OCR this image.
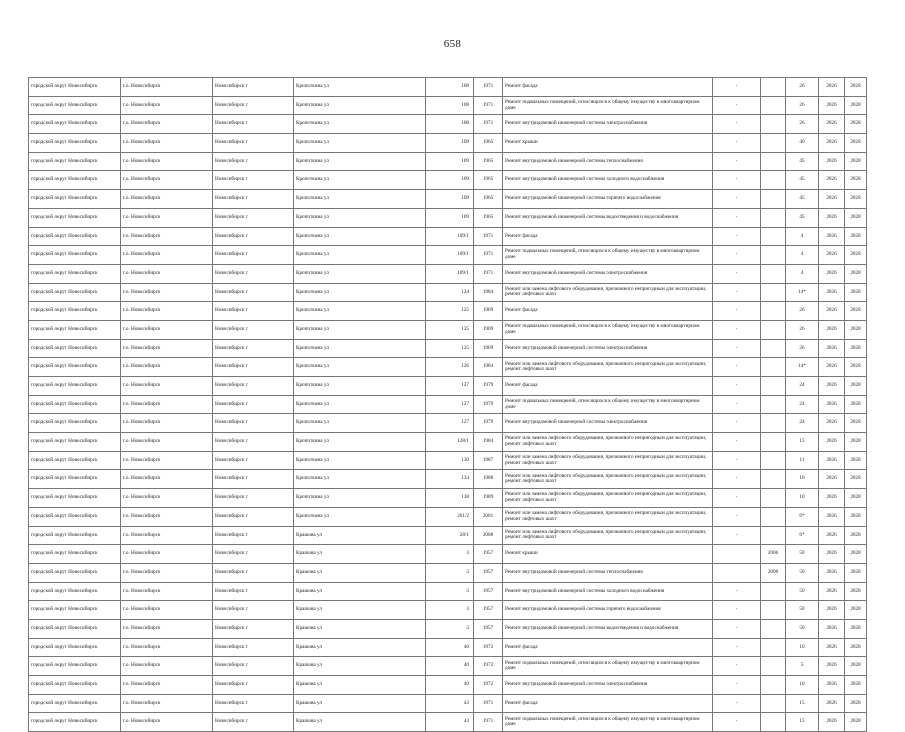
658
городской округ Новосибирск	г.о. Новосибирск	Новосибирск г	Кропоткина ул	108	1971	Ремонт фасада	-		26	2026	2028
городской округ Новосибирск	г.о. Новосибирск	Новосибирск г	Кропоткина ул	108	1971	Ремонт подвальных помещений, относящихся к общему имуществу в многоквартирном доме	-		26	2026	2028
городской округ Новосибирск	г.о. Новосибирск	Новосибирск г	Кропоткина ул	108	1971	Ремонт внутридомовой инженерной системы электроснабжения	-		26	2026	2028
городской округ Новосибирск	г.о. Новосибирск	Новосибирск г	Кропоткина ул	109	1965	Ремонт крыши	-		40	2026	2028
городской округ Новосибирск	г.о. Новосибирск	Новосибирск г	Кропоткина ул	109	1965	Ремонт внутридомовой инженерной системы теплоснабжения	-		45	2026	2028
городской округ Новосибирск	г.о. Новосибирск	Новосибирск г	Кропоткина ул	109	1965	Ремонт внутридомовой инженерной системы холодного водоснабжения	-		45	2026	2028
городской округ Новосибирск	г.о. Новосибирск	Новосибирск г	Кропоткина ул	109	1965	Ремонт внутридомовой инженерной системы горячего водоснабжения	-		45	2026	2028
городской округ Новосибирск	г.о. Новосибирск	Новосибирск г	Кропоткина ул	109	1965	Ремонт внутридомовой инженерной системы водоотведения и водоснабжения	-		45	2026	2028
городской округ Новосибирск	г.о. Новосибирск	Новосибирск г	Кропоткина ул	109/1	1971	Ремонт фасада	-		4	2026	2028
городской округ Новосибирск	г.о. Новосибирск	Новосибирск г	Кропоткина ул	109/1	1971	Ремонт подвальных помещений, относящихся к общему имуществу в многоквартирном доме	-		4	2026	2028
городской округ Новосибирск	г.о. Новосибирск	Новосибирск г	Кропоткина ул	109/1	1971	Ремонт внутридомовой инженерной системы электроснабжения	-		4	2026	2028
городской округ Новосибирск	г.о. Новосибирск	Новосибирск г	Кропоткина ул	124	1984	Ремонт или замена лифтового оборудования, признанного непригодным для эксплуатации, ремонт лифтовых шахт	-		14*	2026	2028
городской округ Новосибирск	г.о. Новосибирск	Новосибирск г	Кропоткина ул	125	1969	Ремонт фасада	-		26	2026	2028
городской округ Новосибирск	г.о. Новосибирск	Новосибирск г	Кропоткина ул	125	1969	Ремонт подвальных помещений, относящихся к общему имуществу в многоквартирном доме	-		26	2026	2028
городской округ Новосибирск	г.о. Новосибирск	Новосибирск г	Кропоткина ул	125	1969	Ремонт внутридомовой инженерной системы электроснабжения	-		26	2026	2028
городской округ Новосибирск	г.о. Новосибирск	Новосибирск г	Кропоткина ул	126	1984	Ремонт или замена лифтового оборудования, признанного непригодным для эксплуатации, ремонт лифтовых шахт	-		14*	2026	2028
городской округ Новосибирск	г.о. Новосибирск	Новосибирск г	Кропоткина ул	127	1979	Ремонт фасада	-		24	2026	2028
городской округ Новосибирск	г.о. Новосибирск	Новосибирск г	Кропоткина ул	127	1979	Ремонт подвальных помещений, относящихся к общему имуществу в многоквартирном доме	-		24	2026	2028
городской округ Новосибирск	г.о. Новосибирск	Новосибирск г	Кропоткина ул	127	1979	Ремонт внутридомовой инженерной системы электроснабжения	-		24	2026	2028
городской округ Новосибирск	г.о. Новосибирск	Новосибирск г	Кропоткина ул	128/1	1984	Ремонт или замена лифтового оборудования, признанного непригодным для эксплуатации, ремонт лифтовых шахт	-		15	2026	2028
городской округ Новосибирск	г.о. Новосибирск	Новосибирск г	Кропоткина ул	130	1987	Ремонт или замена лифтового оборудования, признанного непригодным для эксплуатации, ремонт лифтовых шахт	-		11	2026	2028
городской округ Новосибирск	г.о. Новосибирск	Новосибирск г	Кропоткина ул	134	1988	Ремонт или замена лифтового оборудования, признанного непригодным для эксплуатации, ремонт лифтовых шахт	-		10	2026	2028
городской округ Новосибирск	г.о. Новосибирск	Новосибирск г	Кропоткина ул	138	1989	Ремонт или замена лифтового оборудования, признанного непригодным для эксплуатации, ремонт лифтовых шахт	-		10	2026	2028
городской округ Новосибирск	г.о. Новосибирск	Новосибирск г	Кропоткина ул	261/2	2001	Ремонт или замена лифтового оборудования, признанного непригодным для эксплуатации, ремонт лифтовых шахт	-		6*	2026	2028
городской округ Новосибирск	г.о. Новосибирск	Новосибирск г	Крашова ул	28/1	2008	Ремонт или замена лифтового оборудования, признанного непригодным для эксплуатации, ремонт лифтовых шахт	-		6*	2026	2028
городской округ Новосибирск	г.о. Новосибирск	Новосибирск г	Крашова ул	3	1957	Ремонт крыши		2006	50	2026	2028
городской округ Новосибирск	г.о. Новосибирск	Новосибирск г	Крашова ул	3	1957	Ремонт внутридомовой инженерной системы теплоснабжения		2006	50	2026	2028
городской округ Новосибирск	г.о. Новосибирск	Новосибирск г	Крашова ул	3	1957	Ремонт внутридомовой инженерной системы холодного водоснабжения	-		50	2026	2028
городской округ Новосибирск	г.о. Новосибирск	Новосибирск г	Крашова ул	3	1957	Ремонт внутридомовой инженерной системы горячего водоснабжения	-		50	2026	2028
городской округ Новосибирск	г.о. Новосибирск	Новосибирск г	Крашова ул	3	1957	Ремонт внутридомовой инженерной системы водоотведения и водоснабжения	-		50	2026	2028
городской округ Новосибирск	г.о. Новосибирск	Новосибирск г	Крашова ул	40	1972	Ремонт фасада	-		10	2026	2028
городской округ Новосибирск	г.о. Новосибирск	Новосибирск г	Крашова ул	40	1972	Ремонт подвальных помещений, относящихся к общему имуществу в многоквартирном доме	-		5	2026	2028
городской округ Новосибирск	г.о. Новосибирск	Новосибирск г	Крашова ул	40	1972	Ремонт внутридомовой инженерной системы электроснабжения	-		10	2026	2028
городской округ Новосибирск	г.о. Новосибирск	Новосибирск г	Крашова ул	43	1971	Ремонт фасада	-		15	2026	2028
городской округ Новосибирск	г.о. Новосибирск	Новосибирск г	Крашова ул	43	1971	Ремонт подвальных помещений, относящихся к общему имуществу в многоквартирном доме	-		15	2026	2028
